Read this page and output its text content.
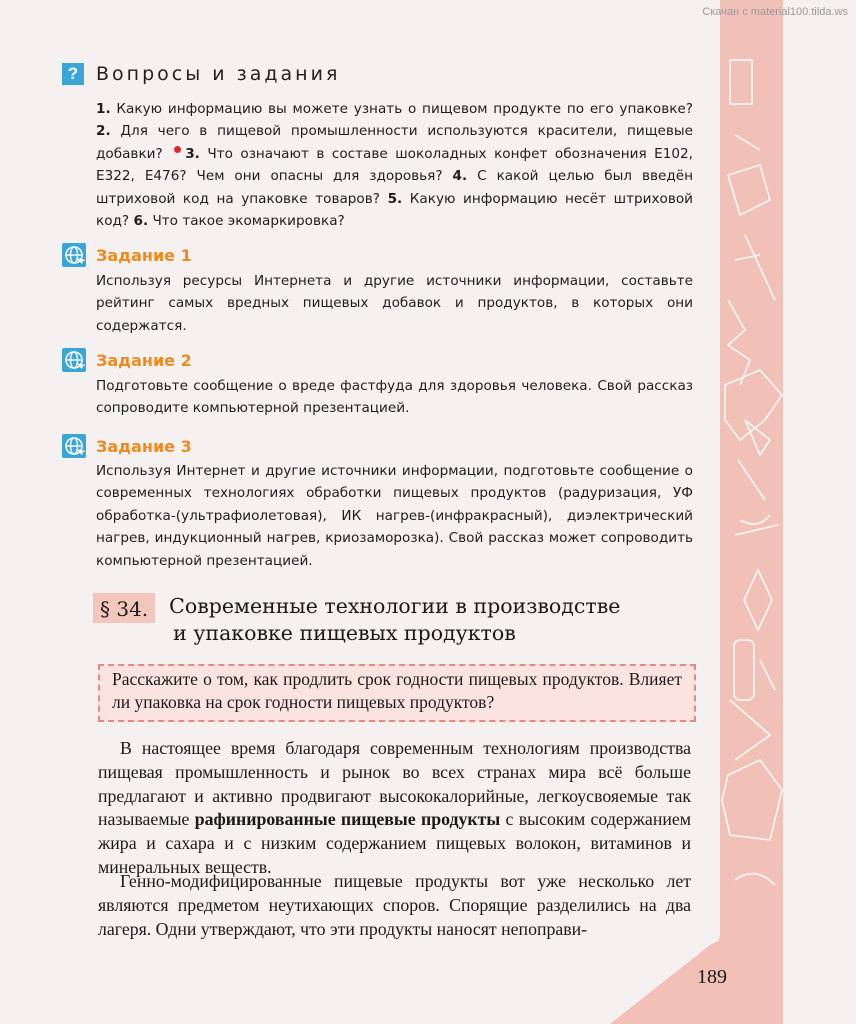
Скачан с material100.tilda.ws
? Вопросы и задания
1. Какую информацию вы можете узнать о пищевом продукте по его упаковке? 2. Для чего в пищевой промышленности используются красители, пищевые добавки? 3. Что означают в составе шоколадных конфет обозначения Е102, Е322, Е476? Чем они опасны для здоровья? 4. С какой целью был введён штриховой код на упаковке товаров? 5. Какую информацию несёт штриховой код? 6. Что такое экомаркировка?
Задание 1
Используя ресурсы Интернета и другие источники информации, составьте рейтинг самых вредных пищевых добавок и продуктов, в которых они содержатся.
Задание 2
Подготовьте сообщение о вреде фастфуда для здоровья человека. Свой рассказ сопроводите компьютерной презентацией.
Задание 3
Используя Интернет и другие источники информации, подготовьте сообщение о современных технологиях обработки пищевых продуктов (радуризация, УФ обработка-(ультрафиолетовая), ИК нагрев-(инфракрасный), диэлектрический нагрев, индукционный нагрев, криозаморозка). Свой рассказ может сопроводить компьютерной презентацией.
§ 34.	Современные технологии в производстве
и упаковке пищевых продуктов
Расскажите о том, как продлить срок годности пищевых продуктов. Влияет ли упаковка на срок годности пищевых продуктов?
В настоящее время благодаря современным технологиям производства пищевая промышленность и рынок во всех странах мира всё больше предлагают и активно продвигают высококалорийные, легкоусвояемые так называемые рафинированные пищевые продукты с высоким содержанием жира и сахара и с низким содержанием пищевых волокон, витаминов и минеральных веществ.
Генно-модифицированные пищевые продукты вот уже несколько лет являются предметом неутихающих споров. Спорящие разделились на два лагеря. Одни утверждают, что эти продукты наносят непоправи-
189
